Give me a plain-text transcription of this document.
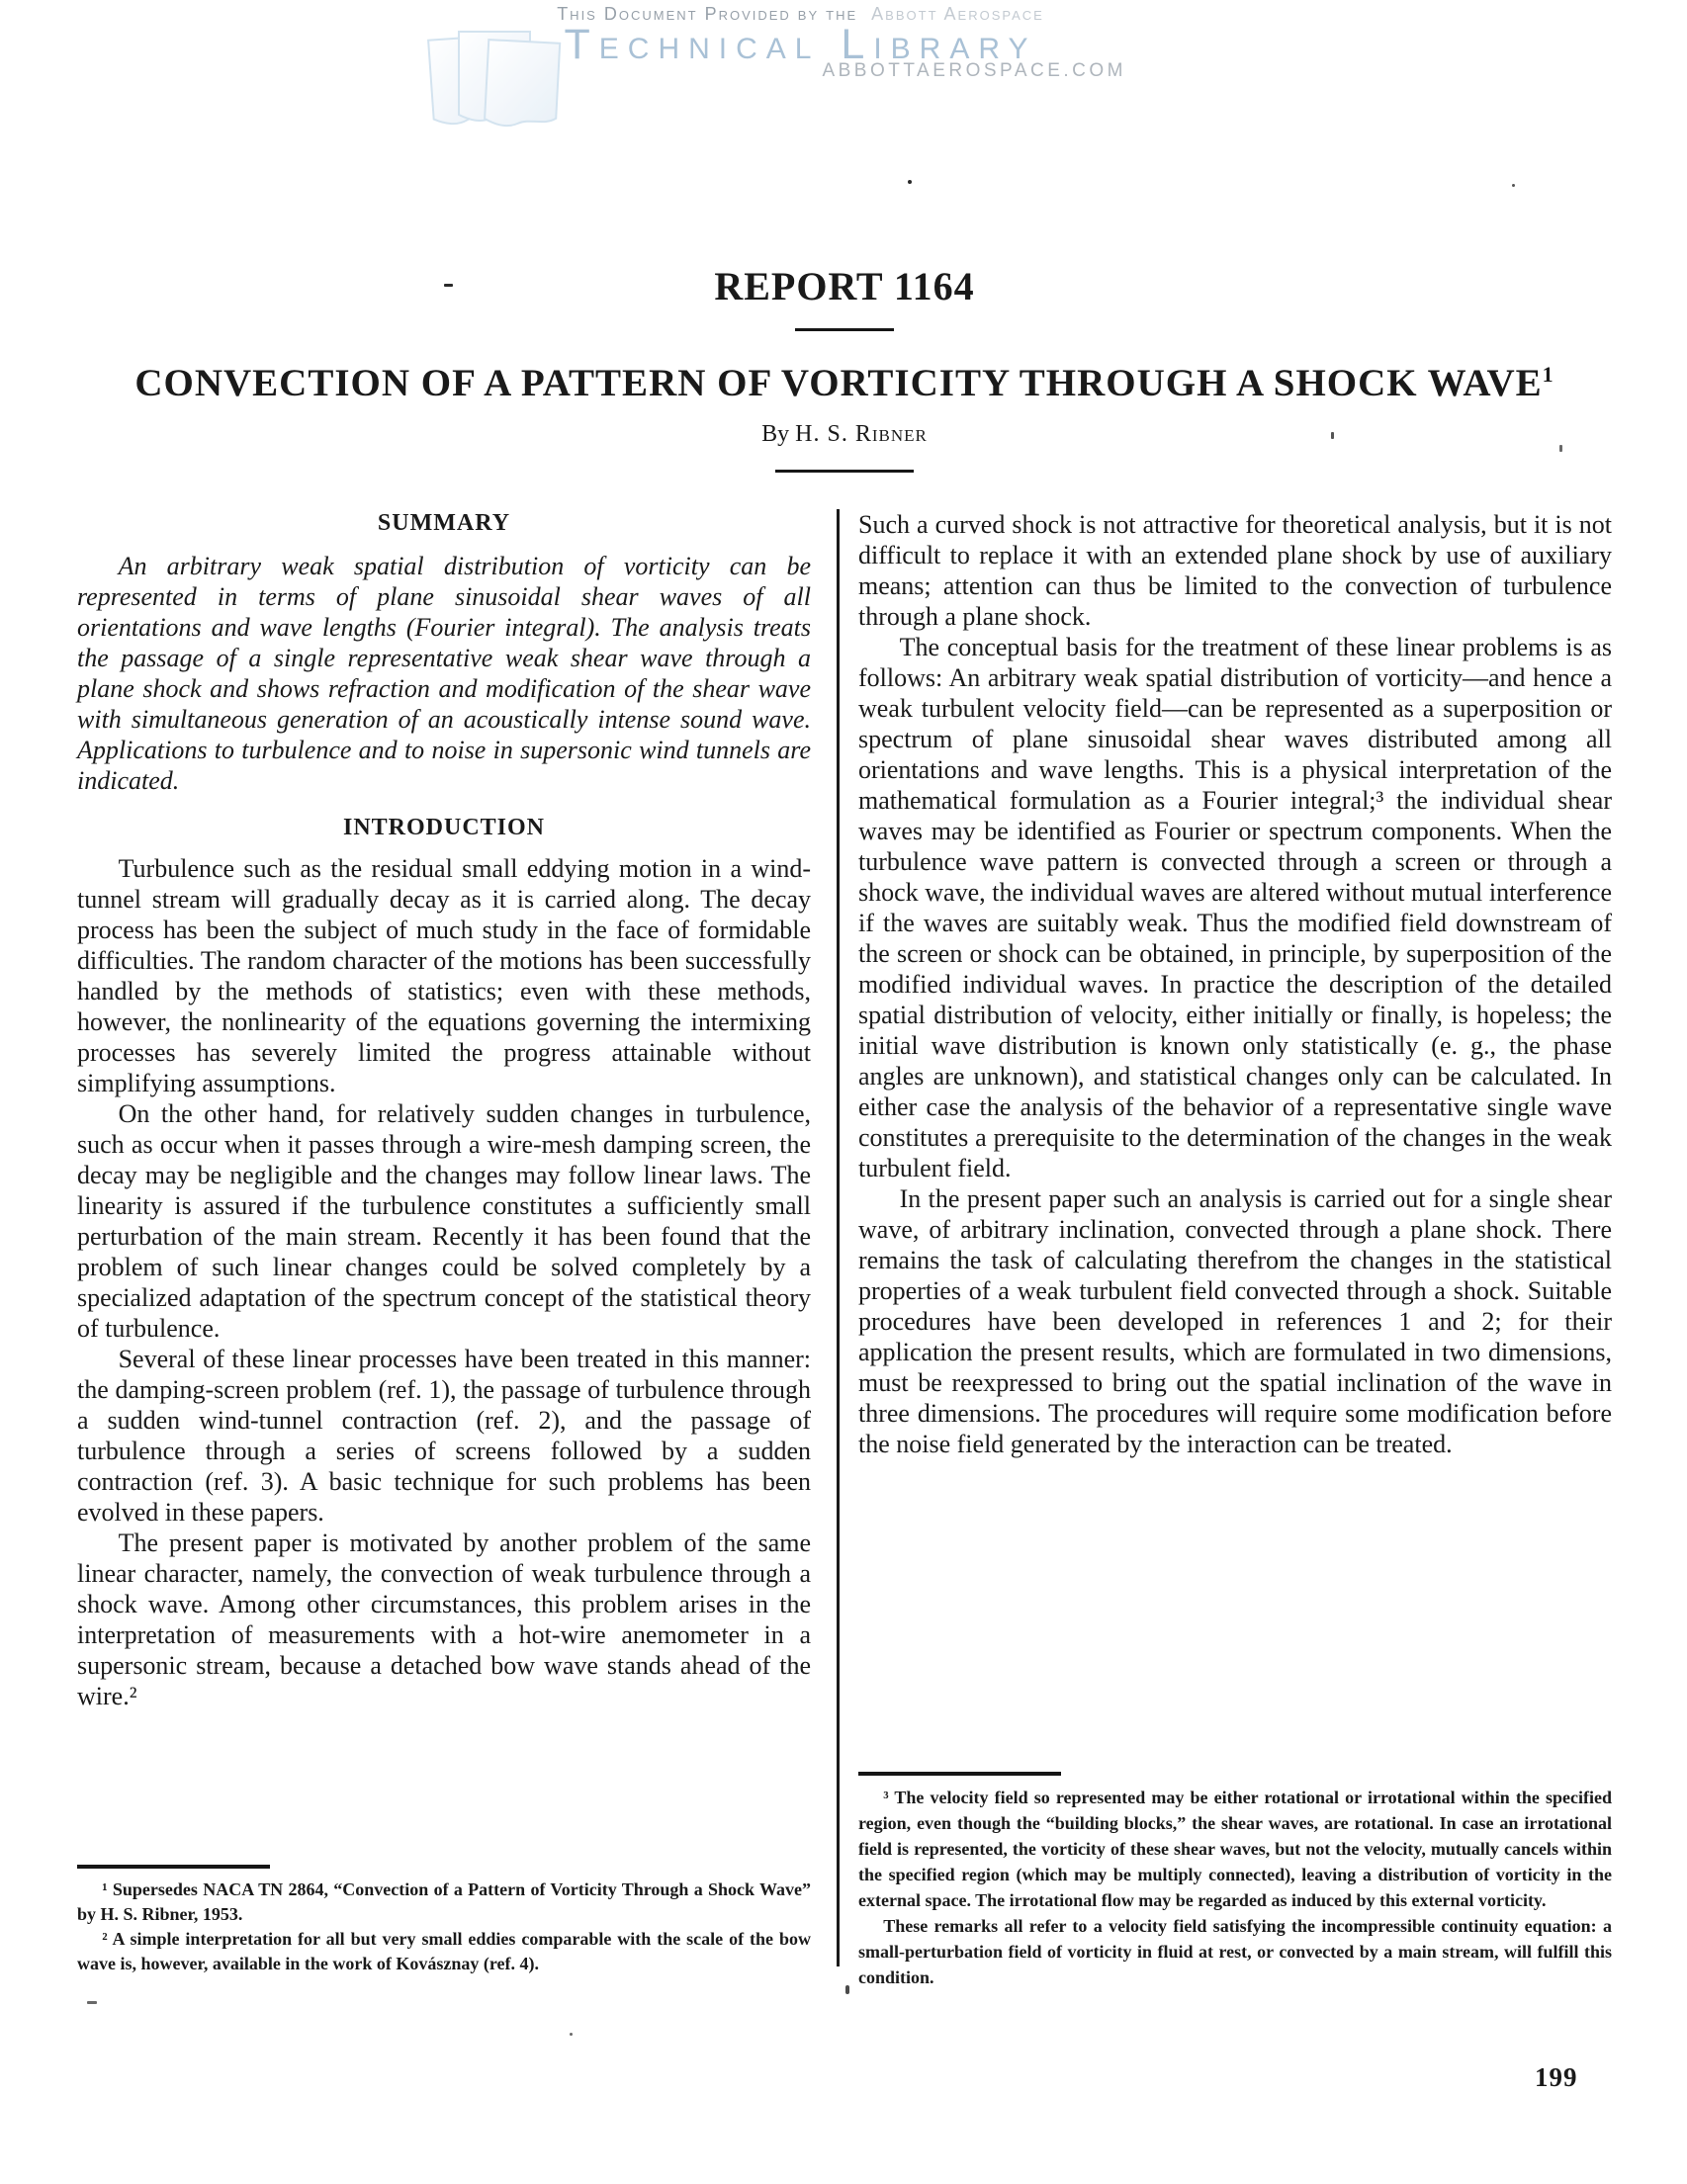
This Document Provided by the Abbott Aerospace
Technical Library
ABBOTTAEROSPACE.COM
REPORT 1164
CONVECTION OF A PATTERN OF VORTICITY THROUGH A SHOCK WAVE$^1$
By H. S. Ribner
SUMMARY

An arbitrary weak spatial distribution of vorticity can be represented in terms of plane sinusoidal shear waves of all orientations and wave lengths (Fourier integral). The analysis treats the passage of a single representative weak shear wave through a plane shock and shows refraction and modification of the shear wave with simultaneous generation of an acoustically intense sound wave. Applications to turbulence and to noise in supersonic wind tunnels are indicated.

INTRODUCTION

Turbulence such as the residual small eddying motion in a wind-tunnel stream will gradually decay as it is carried along. The decay process has been the subject of much study in the face of formidable difficulties. The random character of the motions has been successfully handled by the methods of statistics; even with these methods, however, the nonlinearity of the equations governing the intermixing processes has severely limited the progress attainable without simplifying assumptions.

On the other hand, for relatively sudden changes in turbulence, such as occur when it passes through a wire-mesh damping screen, the decay may be negligible and the changes may follow linear laws. The linearity is assured if the turbulence constitutes a sufficiently small perturbation of the main stream. Recently it has been found that the problem of such linear changes could be solved completely by a specialized adaptation of the spectrum concept of the statistical theory of turbulence.

Several of these linear processes have been treated in this manner: the damping-screen problem (ref. 1), the passage of turbulence through a sudden wind-tunnel contraction (ref. 2), and the passage of turbulence through a series of screens followed by a sudden contraction (ref. 3). A basic technique for such problems has been evolved in these papers.

The present paper is motivated by another problem of the same linear character, namely, the convection of weak turbulence through a shock wave. Among other circumstances, this problem arises in the interpretation of measurements with a hot-wire anemometer in a supersonic stream, because a detached bow wave stands ahead of the wire.²

Such a curved shock is not attractive for theoretical analysis, but it is not difficult to replace it with an extended plane shock by use of auxiliary means; attention can thus be limited to the convection of turbulence through a plane shock.

The conceptual basis for the treatment of these linear problems is as follows: An arbitrary weak spatial distribution of vorticity—and hence a weak turbulent velocity field—can be represented as a superposition or spectrum of plane sinusoidal shear waves distributed among all orientations and wave lengths. This is a physical interpretation of the mathematical formulation as a Fourier integral;³ the individual shear waves may be identified as Fourier or spectrum components. When the turbulence wave pattern is convected through a screen or through a shock wave, the individual waves are altered without mutual interference if the waves are suitably weak. Thus the modified field downstream of the screen or shock can be obtained, in principle, by superposition of the modified individual waves. In practice the description of the detailed spatial distribution of velocity, either initially or finally, is hopeless; the initial wave distribution is known only statistically (e. g., the phase angles are unknown), and statistical changes only can be calculated. In either case the analysis of the behavior of a representative single wave constitutes a prerequisite to the determination of the changes in the weak turbulent field.

In the present paper such an analysis is carried out for a single shear wave, of arbitrary inclination, convected through a plane shock. There remains the task of calculating therefrom the changes in the statistical properties of a weak turbulent field convected through a shock. Suitable procedures have been developed in references 1 and 2; for their application the present results, which are formulated in two dimensions, must be reexpressed to bring out the spatial inclination of the wave in three dimensions. The procedures will require some modification before the noise field generated by the interaction can be treated.

¹ Supersedes NACA TN 2864, “Convection of a Pattern of Vorticity Through a Shock Wave” by H. S. Ribner, 1953.

² A simple interpretation for all but very small eddies comparable with the scale of the bow wave is, however, available in the work of Kovásznay (ref. 4).

³ The velocity field so represented may be either rotational or irrotational within the specified region, even though the “building blocks,” the shear waves, are rotational. In case an irrotational field is represented, the vorticity of these shear waves, but not the velocity, mutually cancels within the specified region (which may be multiply connected), leaving a distribution of vorticity in the external space. The irrotational flow may be regarded as induced by this external vorticity.

These remarks all refer to a velocity field satisfying the incompressible continuity equation: a small-perturbation field of vorticity in fluid at rest, or convected by a main stream, will fulfill this condition.

199
